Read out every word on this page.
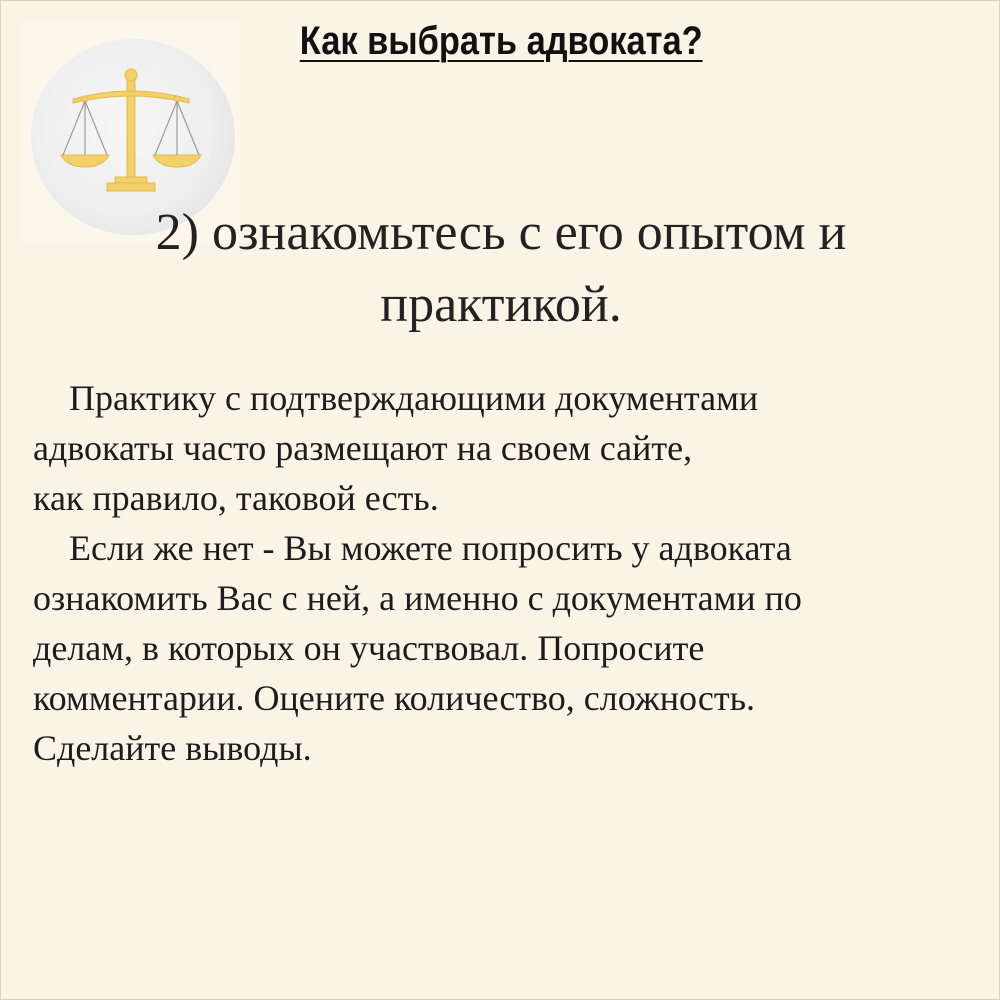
Как выбрать адвоката?
2) ознакомьтесь с его опытом и
практикой.

Практику с подтверждающими документами

адвокаты часто размещают на своем сайте,

как правило, таковой есть.

Если же нет - Вы можете попросить у адвоката

ознакомить Вас с ней, а именно с документами по

делам, в которых он участвовал. Попросите

комментарии. Оцените количество, сложность.

Сделайте выводы.
